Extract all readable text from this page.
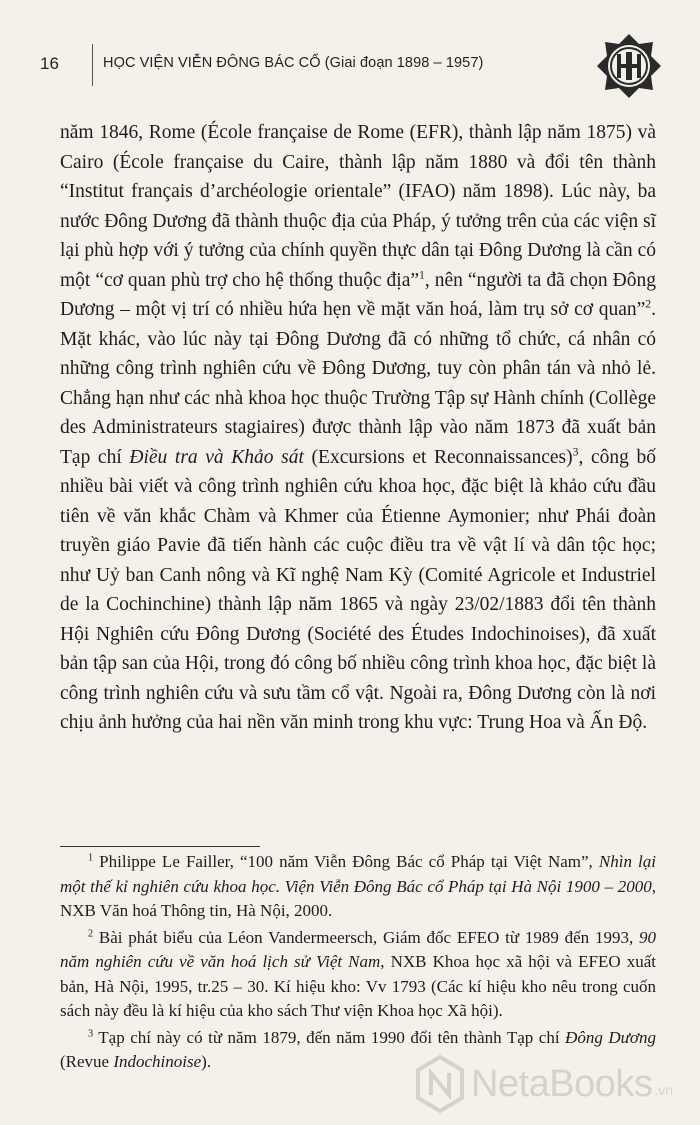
16	HỌC VIỆN VIỄN ĐÔNG BÁC CỔ (Giai đoạn 1898 – 1957)

năm 1846, Rome (École française de Rome (EFR), thành lập năm 1875) và Cairo (École française du Caire, thành lập năm 1880 và đổi tên thành “Institut français d’archéologie orientale” (IFAO) năm 1898). Lúc này, ba nước Đông Dương đã thành thuộc địa của Pháp, ý tưởng trên của các viện sĩ lại phù hợp với ý tưởng của chính quyền thực dân tại Đông Dương là cần có một “cơ quan phù trợ cho hệ thống thuộc địa”$^1$, nên “người ta đã chọn Đông Dương – một vị trí có nhiều hứa hẹn về mặt văn hoá, làm trụ sở cơ quan”$^2$. Mặt khác, vào lúc này tại Đông Dương đã có những tổ chức, cá nhân có những công trình nghiên cứu về Đông Dương, tuy còn phân tán và nhỏ lẻ. Chẳng hạn như các nhà khoa học thuộc Trường Tập sự Hành chính (Collège des Administrateurs stagiaires) được thành lập vào năm 1873 đã xuất bản Tạp chí Điều tra và Khảo sát (Excursions et Reconnaissances)$^3$, công bố nhiều bài viết và công trình nghiên cứu khoa học, đặc biệt là khảo cứu đầu tiên về văn khắc Chàm và Khmer của Étienne Aymonier; như Phái đoàn truyền giáo Pavie đã tiến hành các cuộc điều tra về vật lí và dân tộc học; như Uỷ ban Canh nông và Kĩ nghệ Nam Kỳ (Comité Agricole et Industriel de la Cochinchine) thành lập năm 1865 và ngày 23/02/1883 đổi tên thành Hội Nghiên cứu Đông Dương (Société des Études Indochinoises), đã xuất bản tập san của Hội, trong đó công bố nhiều công trình khoa học, đặc biệt là công trình nghiên cứu và sưu tầm cổ vật. Ngoài ra, Đông Dương còn là nơi chịu ảnh hưởng của hai nền văn minh trong khu vực: Trung Hoa và Ấn Độ.

$^1$ Philippe Le Failler, “100 năm Viễn Đông Bác cổ Pháp tại Việt Nam”, Nhìn lại một thế kỉ nghiên cứu khoa học. Viện Viễn Đông Bác cổ Pháp tại Hà Nội 1900 – 2000, NXB Văn hoá Thông tin, Hà Nội, 2000.

$^2$ Bài phát biểu của Léon Vandermeersch, Giám đốc EFEO từ 1989 đến 1993, 90 năm nghiên cứu về văn hoá lịch sử Việt Nam, NXB Khoa học xã hội và EFEO xuất bản, Hà Nội, 1995, tr.25 – 30. Kí hiệu kho: Vv 1793 (Các kí hiệu kho nêu trong cuốn sách này đều là kí hiệu của kho sách Thư viện Khoa học Xã hội).

$^3$ Tạp chí này có từ năm 1879, đến năm 1990 đổi tên thành Tạp chí Đông Dương (Revue Indochinoise).

NetaBooks .vn
